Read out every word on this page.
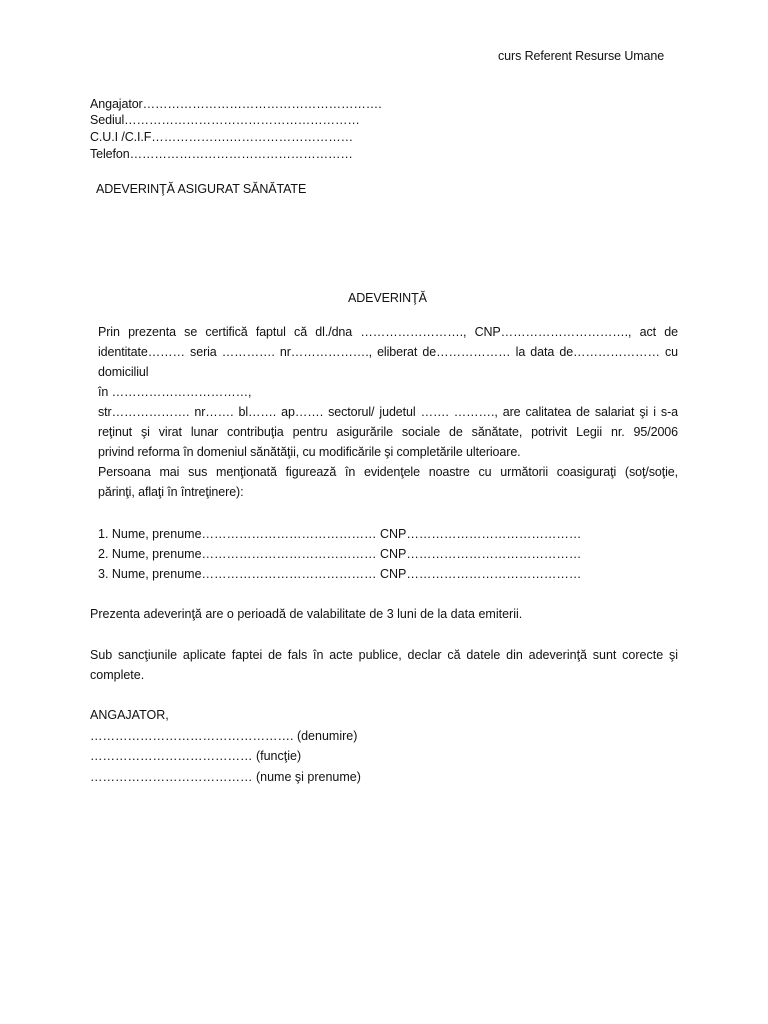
curs Referent Resurse Umane
Angajator………………………………………………….
Sediul…………………………………………………
C.U.I /C.I.F……………….…………………………
Telefon………………………………………………
ADEVERINŢĂ ASIGURAT SĂNĂTATE
ADEVERINŢĂ
Prin prezenta se certifică faptul că dl./dna ……………………., CNP…………………………., act de
identitate……… seria …………. nr………………., eliberat de……………… la data de………………… cu domiciliul
în ……………………………,
str………………. nr……. bl……. ap……. sectorul/ judetul ……. ………., are calitatea de salariat şi i s-a
reţinut şi virat lunar contribuţia pentru asigurările sociale de sănătate, potrivit Legii nr. 95/2006
privind reforma în domeniul sănătăţii, cu modificările şi completările ulterioare.
Persoana mai sus menţionată figurează în evidenţele noastre cu următorii coasiguraţi (soţ/soţie,
părinţi, aflaţi în întreţinere):
1. Nume, prenume…………………………………… CNP……………………………………
2. Nume, prenume…………………………………… CNP……………………………………
3. Nume, prenume…………………………………… CNP……………………………………
Prezenta adeverinţă are o perioadă de valabilitate de 3 luni de la data emiterii.
Sub sancţiunile aplicate faptei de fals în acte publice, declar că datele din adeverinţă sunt corecte şi
complete.
ANGAJATOR,
…………………………………………. (denumire)
………………………………… (funcţie)
………………………………… (nume şi prenume)
